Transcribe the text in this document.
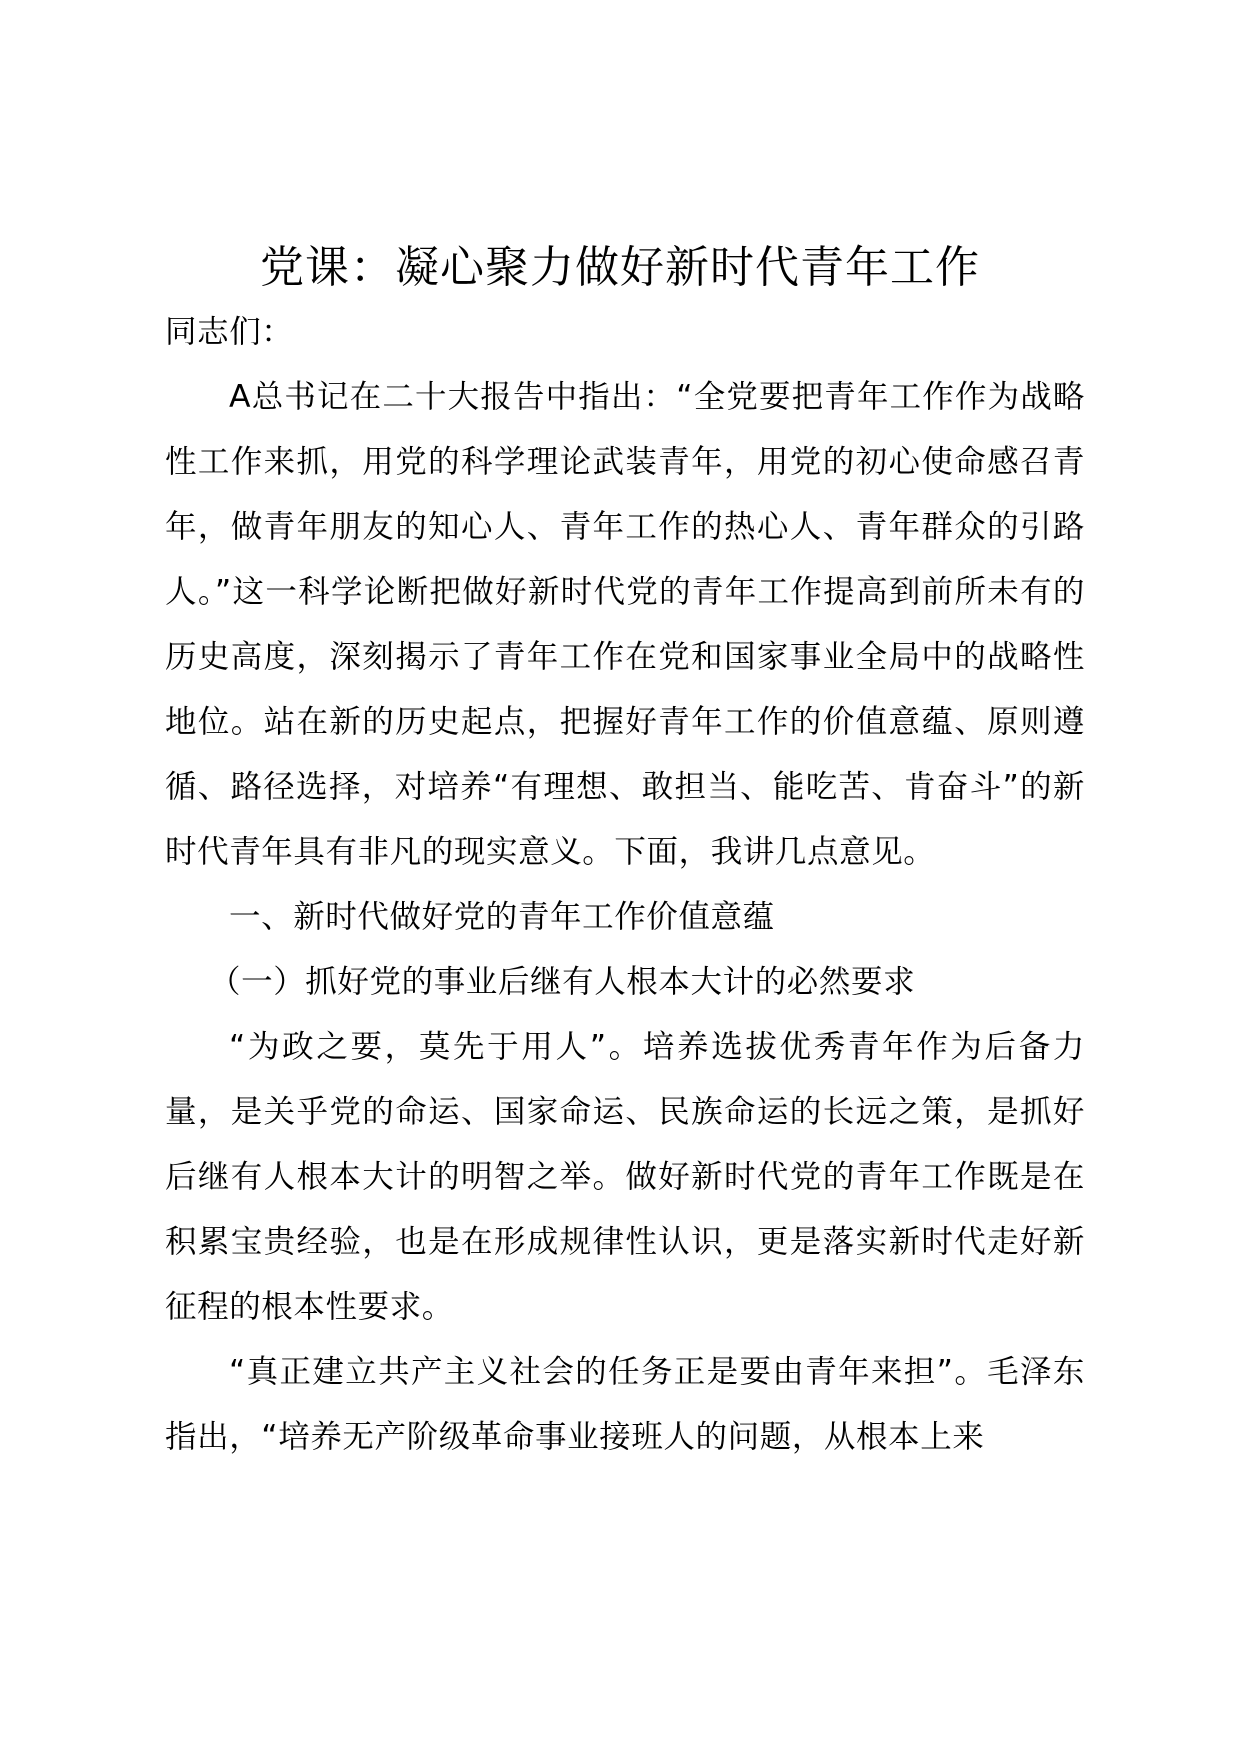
党课：凝心聚力做好新时代青年工作

同志们：

A总书记在二十大报告中指出：“全党要把青年工作作为战略性工作来抓，用党的科学理论武装青年，用党的初心使命感召青年，做青年朋友的知心人、青年工作的热心人、青年群众的引路人。”这一科学论断把做好新时代党的青年工作提高到前所未有的历史高度，深刻揭示了青年工作在党和国家事业全局中的战略性地位。站在新的历史起点，把握好青年工作的价值意蕴、原则遵循、路径选择，对培养“有理想、敢担当、能吃苦、肯奋斗”的新时代青年具有非凡的现实意义。下面，我讲几点意见。

一、新时代做好党的青年工作价值意蕴

（一）抓好党的事业后继有人根本大计的必然要求

“为政之要，莫先于用人”。培养选拔优秀青年作为后备力量，是关乎党的命运、国家命运、民族命运的长远之策，是抓好后继有人根本大计的明智之举。做好新时代党的青年工作既是在积累宝贵经验，也是在形成规律性认识，更是落实新时代走好新征程的根本性要求。

“真正建立共产主义社会的任务正是要由青年来担”。毛泽东指出，“培养无产阶级革命事业接班人的问题，从根本上来
